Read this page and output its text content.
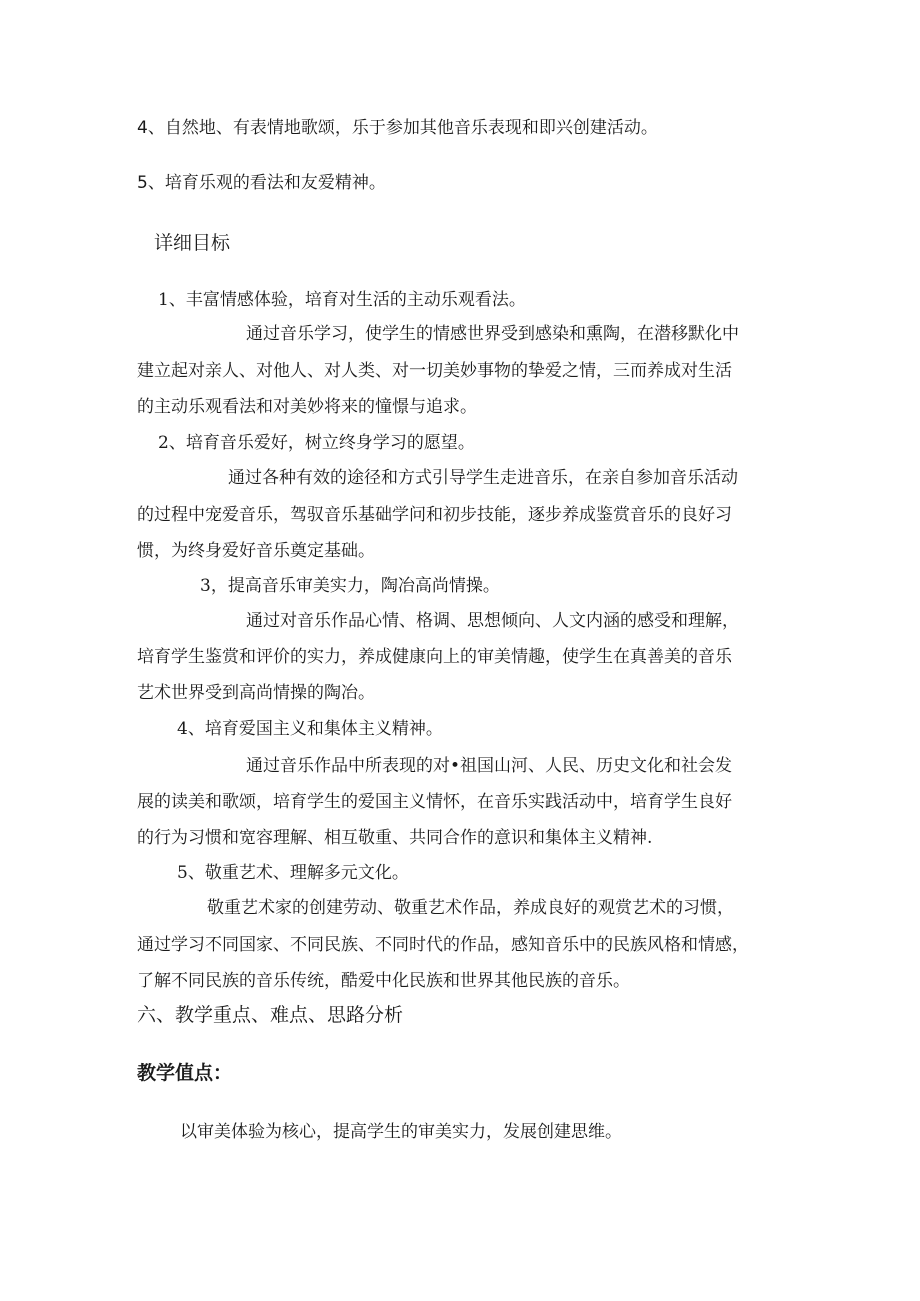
4、自然地、有表情地歌颂，乐于参加其他音乐表现和即兴创建活动。
5、培育乐观的看法和友爱精神。
详细目标
1、丰富情感体验，培育对生活的主动乐观看法。
通过音乐学习，使学生的情感世界受到感染和熏陶，在潜移默化中
建立起对亲人、对他人、对人类、对一切美妙事物的挚爱之情，三而养成对生活
的主动乐观看法和对美妙将来的憧憬与追求。
2、培育音乐爱好，树立终身学习的愿望。
通过各种有效的途径和方式引导学生走进音乐，在亲自参加音乐活动
的过程中宠爱音乐，驾驭音乐基础学问和初步技能，逐步养成鉴赏音乐的良好习
惯，为终身爱好音乐奠定基础。
3，提高音乐审美实力，陶冶高尚情操。
通过对音乐作品心情、格调、思想倾向、人文内涵的感受和理解，
培育学生鉴赏和评价的实力，养成健康向上的审美情趣，使学生在真善美的音乐
艺术世界受到高尚情操的陶冶。
4、培育爱国主义和集体主义精神。
通过音乐作品中所表现的对•祖国山河、人民、历史文化和社会发
展的读美和歌颂，培育学生的爱国主义情怀，在音乐实践活动中，培育学生良好
的行为习惯和宽容理解、相互敬重、共同合作的意识和集体主义精神.
5、敬重艺术、理解多元文化。
敬重艺术家的创建劳动、敬重艺术作品，养成良好的观赏艺术的习惯，
通过学习不同国家、不同民族、不同时代的作品，感知音乐中的民族风格和情感，
了解不同民族的音乐传统，酷爱中化民族和世界其他民族的音乐。
六、教学重点、难点、思路分析
教学值点：
以审美体验为核心，提高学生的审美实力，发展创建思维。
